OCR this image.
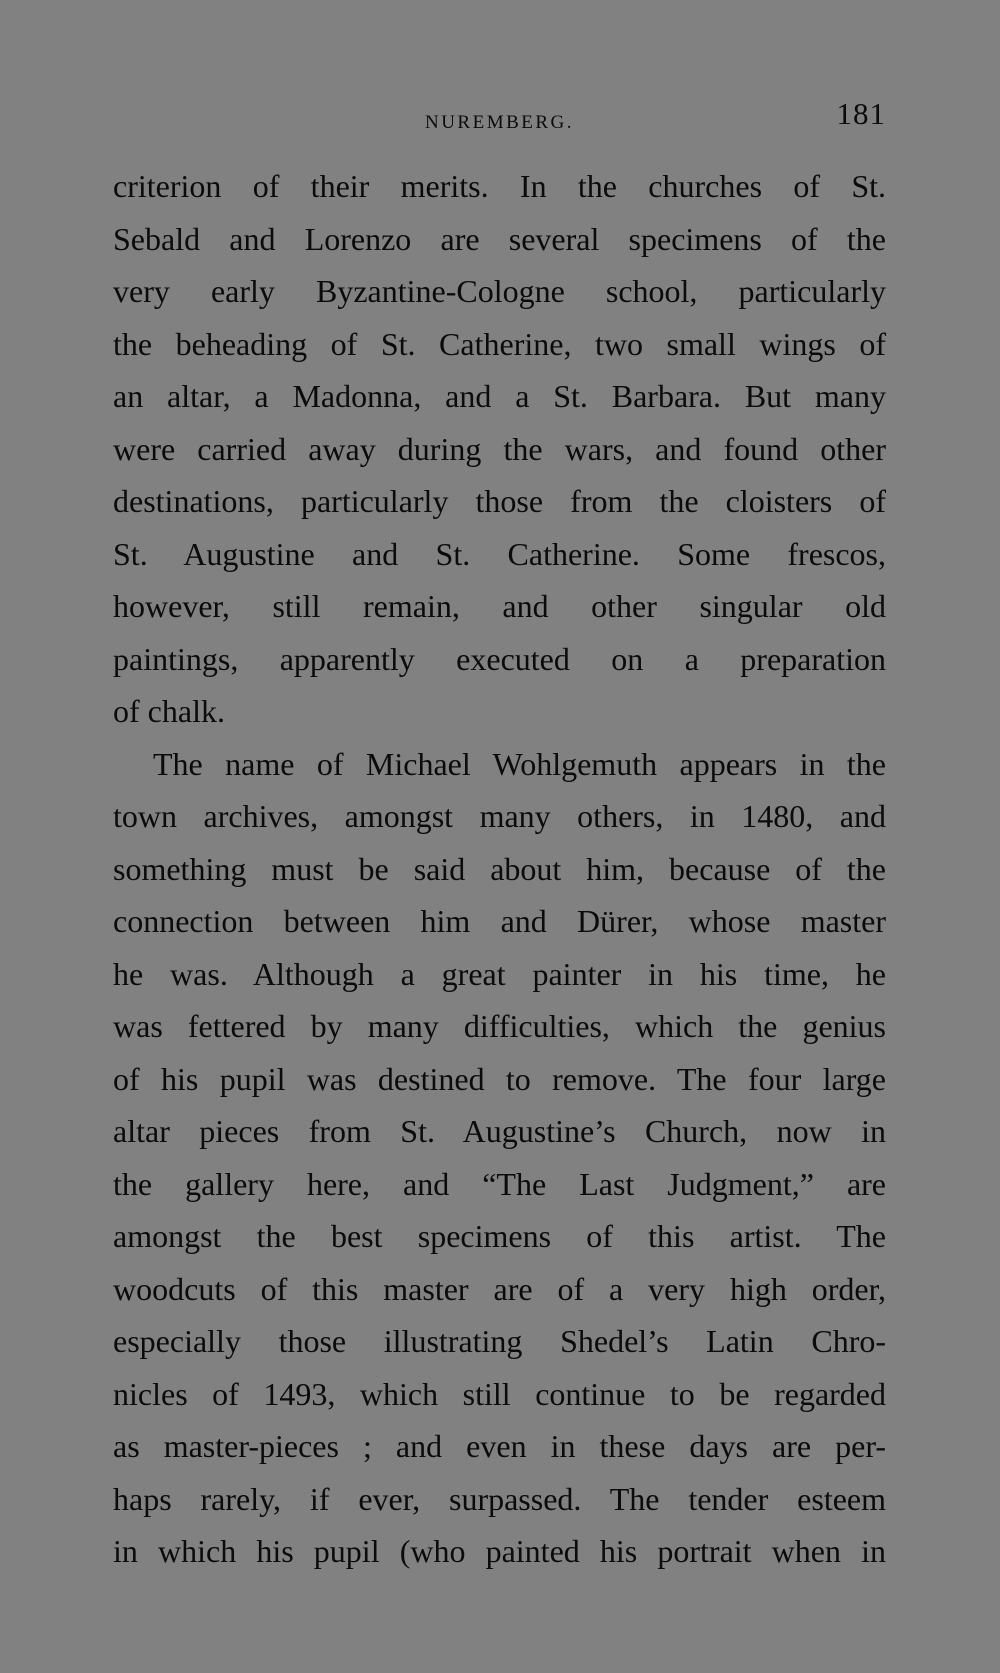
NUREMBERG.	181

criterion of their merits. In the churches of St.
Sebald and Lorenzo are several specimens of the
very early Byzantine-Cologne school, particularly
the beheading of St. Catherine, two small wings of
an altar, a Madonna, and a St. Barbara. But many
were carried away during the wars, and found other
destinations, particularly those from the cloisters of
St. Augustine and St. Catherine. Some frescos,
however, still remain, and other singular old
paintings, apparently executed on a preparation
of chalk.

The name of Michael Wohlgemuth appears in the
town archives, amongst many others, in 1480, and
something must be said about him, because of the
connection between him and Dürer, whose master
he was. Although a great painter in his time, he
was fettered by many difficulties, which the genius
of his pupil was destined to remove. The four large
altar pieces from St. Augustine’s Church, now in
the gallery here, and “The Last Judgment,” are
amongst the best specimens of this artist. The
woodcuts of this master are of a very high order,
especially those illustrating Shedel’s Latin Chro-
nicles of 1493, which still continue to be regarded
as master-pieces ; and even in these days are per-
haps rarely, if ever, surpassed. The tender esteem
in which his pupil (who painted his portrait when in
